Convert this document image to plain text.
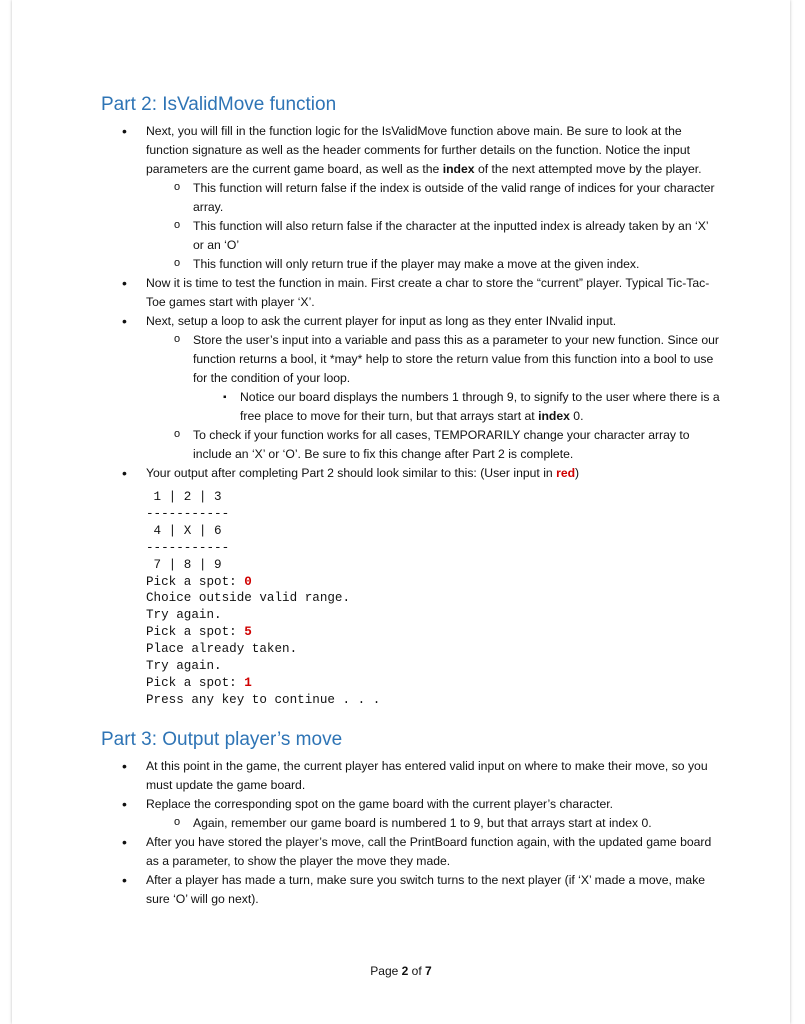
Part 2: IsValidMove function
• Next, you will fill in the function logic for the IsValidMove function above main. Be sure to look at the function signature as well as the header comments for further details on the function. Notice the input parameters are the current game board, as well as the index of the next attempted move by the player.
o This function will return false if the index is outside of the valid range of indices for your character array.
o This function will also return false if the character at the inputted index is already taken by an ‘X’ or an ‘O’
o This function will only return true if the player may make a move at the given index.
• Now it is time to test the function in main. First create a char to store the “current” player. Typical Tic-Tac-Toe games start with player ‘X’.
• Next, setup a loop to ask the current player for input as long as they enter INvalid input.
o Store the user’s input into a variable and pass this as a parameter to your new function. Since our function returns a bool, it *may* help to store the return value from this function into a bool to use for the condition of your loop.
▪ Notice our board displays the numbers 1 through 9, to signify to the user where there is a free place to move for their turn, but that arrays start at index 0.
o To check if your function works for all cases, TEMPORARILY change your character array to include an ‘X’ or ‘O’. Be sure to fix this change after Part 2 is complete.
• Your output after completing Part 2 should look similar to this: (User input in red)
1 | 2 | 3
-----------
4 | X | 6
-----------
7 | 8 | 9
Pick a spot: 0
Choice outside valid range.
Try again.
Pick a spot: 5
Place already taken.
Try again.
Pick a spot: 1
Press any key to continue . . .
Part 3: Output player’s move
• At this point in the game, the current player has entered valid input on where to make their move, so you must update the game board.
• Replace the corresponding spot on the game board with the current player’s character.
o Again, remember our game board is numbered 1 to 9, but that arrays start at index 0.
• After you have stored the player’s move, call the PrintBoard function again, with the updated game board as a parameter, to show the player the move they made.
• After a player has made a turn, make sure you switch turns to the next player (if ‘X’ made a move, make sure ‘O’ will go next).
Page 2 of 7
